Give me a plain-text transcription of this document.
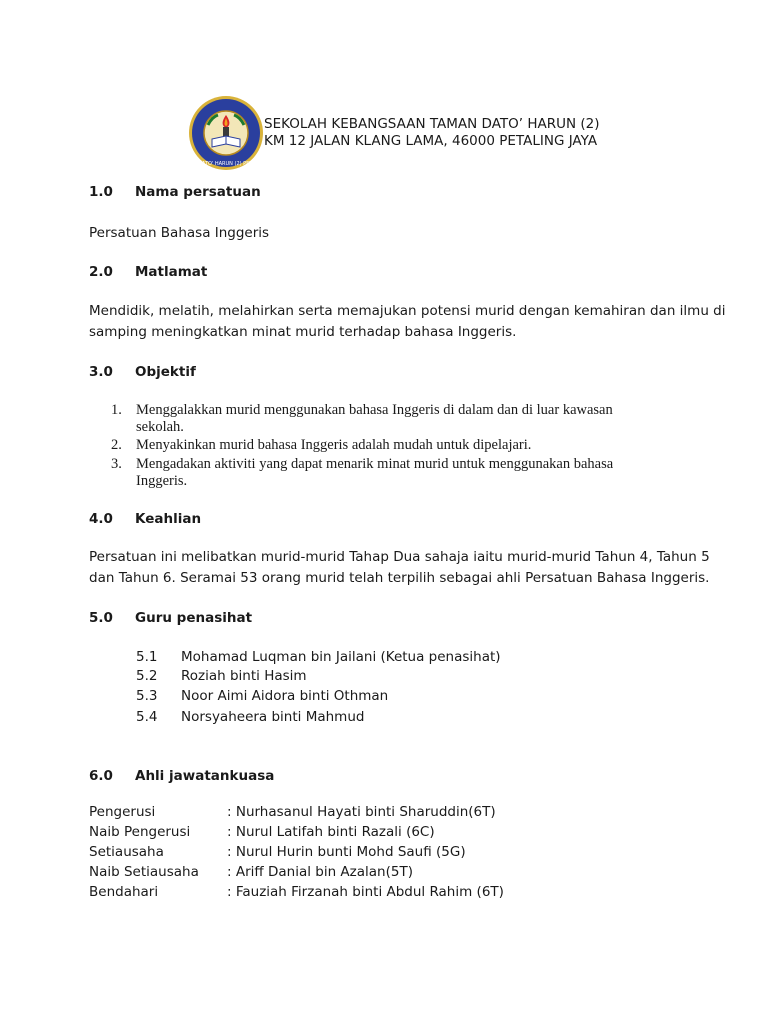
S.K. TMN. DATO' HARUN (2) PETALING JAYA
SEKOLAH KEBANGSAAN TAMAN DATO’ HARUN (2)
KM 12 JALAN KLANG LAMA, 46000 PETALING JAYA
1.0 Nama persatuan
Persatuan Bahasa Inggeris
2.0 Matlamat
Mendidik, melatih, melahirkan serta memajukan potensi murid dengan kemahiran dan ilmu di
samping meningkatkan minat murid terhadap bahasa Inggeris.
3.0 Objektif
1. Menggalakkan murid menggunakan bahasa Inggeris di dalam dan di luar kawasan
sekolah.
2. Menyakinkan murid bahasa Inggeris adalah mudah untuk dipelajari.
3. Mengadakan aktiviti yang dapat menarik minat murid untuk menggunakan bahasa
Inggeris.
4.0 Keahlian
Persatuan ini melibatkan murid-murid Tahap Dua sahaja iaitu murid-murid Tahun 4, Tahun 5
dan Tahun 6. Seramai 53 orang murid telah terpilih sebagai ahli Persatuan Bahasa Inggeris.
5.0 Guru penasihat
5.1 Mohamad Luqman bin Jailani (Ketua penasihat)
5.2 Roziah binti Hasim
5.3 Noor Aimi Aidora binti Othman
5.4 Norsyaheera binti Mahmud
6.0 Ahli jawatankuasa
Pengerusi	: Nurhasanul Hayati binti Sharuddin(6T)
Naib Pengerusi	: Nurul Latifah binti Razali (6C)
Setiausaha	: Nurul Hurin bunti Mohd Saufi (5G)
Naib Setiausaha : Ariff Danial bin Azalan(5T)
Bendahari	: Fauziah Firzanah binti Abdul Rahim (6T)
